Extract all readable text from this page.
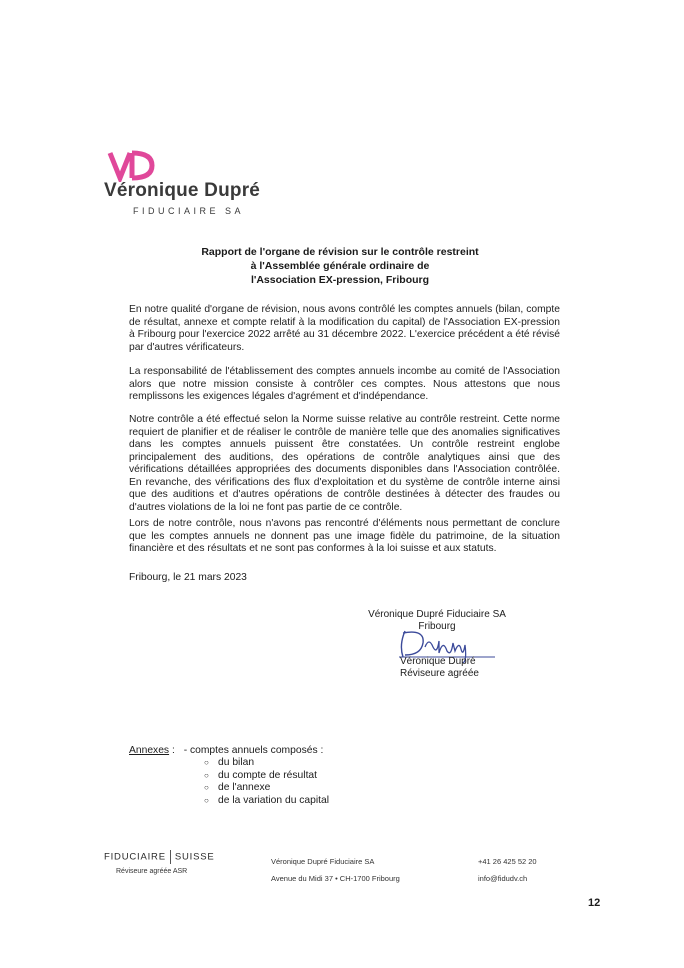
Véronique Dupré
FIDUCIAIRE SA
Rapport de l'organe de révision sur le contrôle restreint
à l'Assemblée générale ordinaire de
l'Association EX-pression, Fribourg
En notre qualité d'organe de révision, nous avons contrôlé les comptes annuels (bilan, compte de résultat, annexe et compte relatif à la modification du capital) de l'Association EX-pression à Fribourg pour l'exercice 2022 arrêté au 31 décembre 2022. L'exercice précédent a été révisé par d'autres vérificateurs.
La responsabilité de l'établissement des comptes annuels incombe au comité de l'Association alors que notre mission consiste à contrôler ces comptes. Nous attestons que nous remplissons les exigences légales d'agrément et d'indépendance.
Notre contrôle a été effectué selon la Norme suisse relative au contrôle restreint. Cette norme requiert de planifier et de réaliser le contrôle de manière telle que des anomalies significatives dans les comptes annuels puissent être constatées. Un contrôle restreint englobe principalement des auditions, des opérations de contrôle analytiques ainsi que des vérifications détaillées appropriées des documents disponibles dans l'Association contrôlée. En revanche, des vérifications des flux d'exploitation et du système de contrôle interne ainsi que des auditions et d'autres opérations de contrôle destinées à détecter des fraudes ou d'autres violations de la loi ne font pas partie de ce contrôle.
Lors de notre contrôle, nous n'avons pas rencontré d'éléments nous permettant de conclure que les comptes annuels ne donnent pas une image fidèle du patrimoine, de la situation financière et des résultats et ne sont pas conformes à la loi suisse et aux statuts.
Fribourg, le 21 mars 2023
Véronique Dupré Fiduciaire SA
Fribourg
Véronique Dupré
Réviseure agréée
Annexes : - comptes annuels composés :
○ du bilan
○ du compte de résultat
○ de l'annexe
○ de la variation du capital
FIDUCIAIRE SUISSE
Réviseure agréée ASR
Véronique Dupré Fiduciaire SA
Avenue du Midi 37 • CH-1700 Fribourg
+41 26 425 52 20
info@fidudv.ch
12
